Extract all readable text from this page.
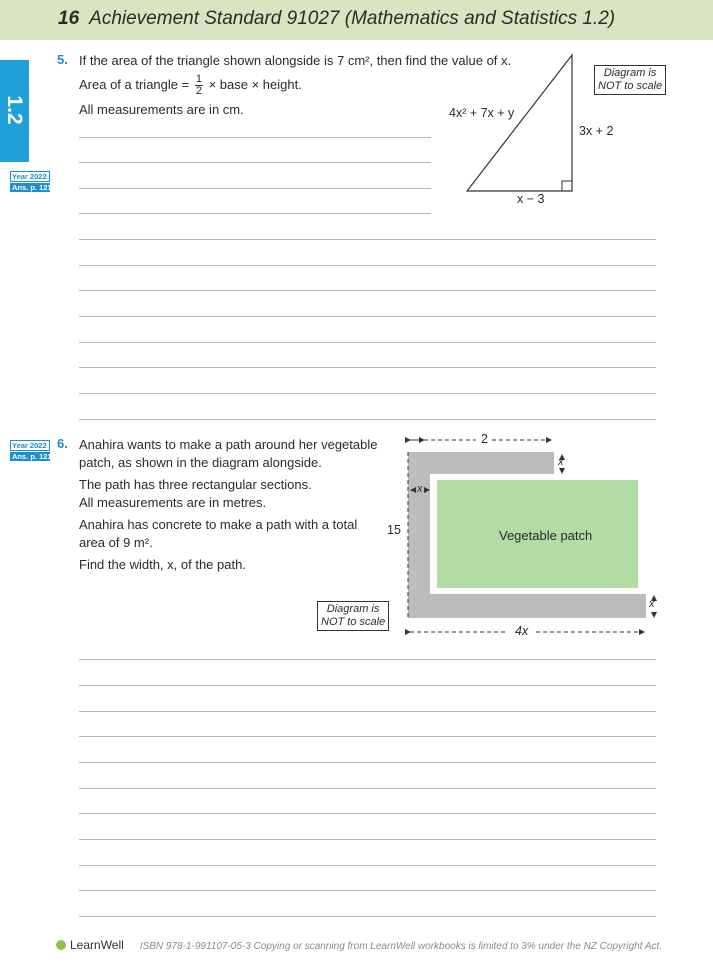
16 Achievement Standard 91027 (Mathematics and Statistics 1.2)
1.2
Year 2022
Ans. p. 121
5. If the area of the triangle shown alongside is 7 cm², then find the value of x.

Area of a triangle = $\frac{1}{2}$ × base × height.

All measurements are in cm.

Diagram is
NOT to scale
4x² + 7x + y
3x + 2
x − 3
Year 2022
Ans. p. 121
6. Anahira wants to make a path around her vegetable patch, as shown in the diagram alongside.

The path has three rectangular sections.

All measurements are in metres.

Anahira has concrete to make a path with a total area of 9 m².

Find the width, x, of the path.

Diagram is
NOT to scale
2
15
4x
x
x
x
Vegetable patch
LearnWell ISBN 978-1-991107-05-3 Copying or scanning from LearnWell workbooks is limited to 3% under the NZ Copyright Act.
